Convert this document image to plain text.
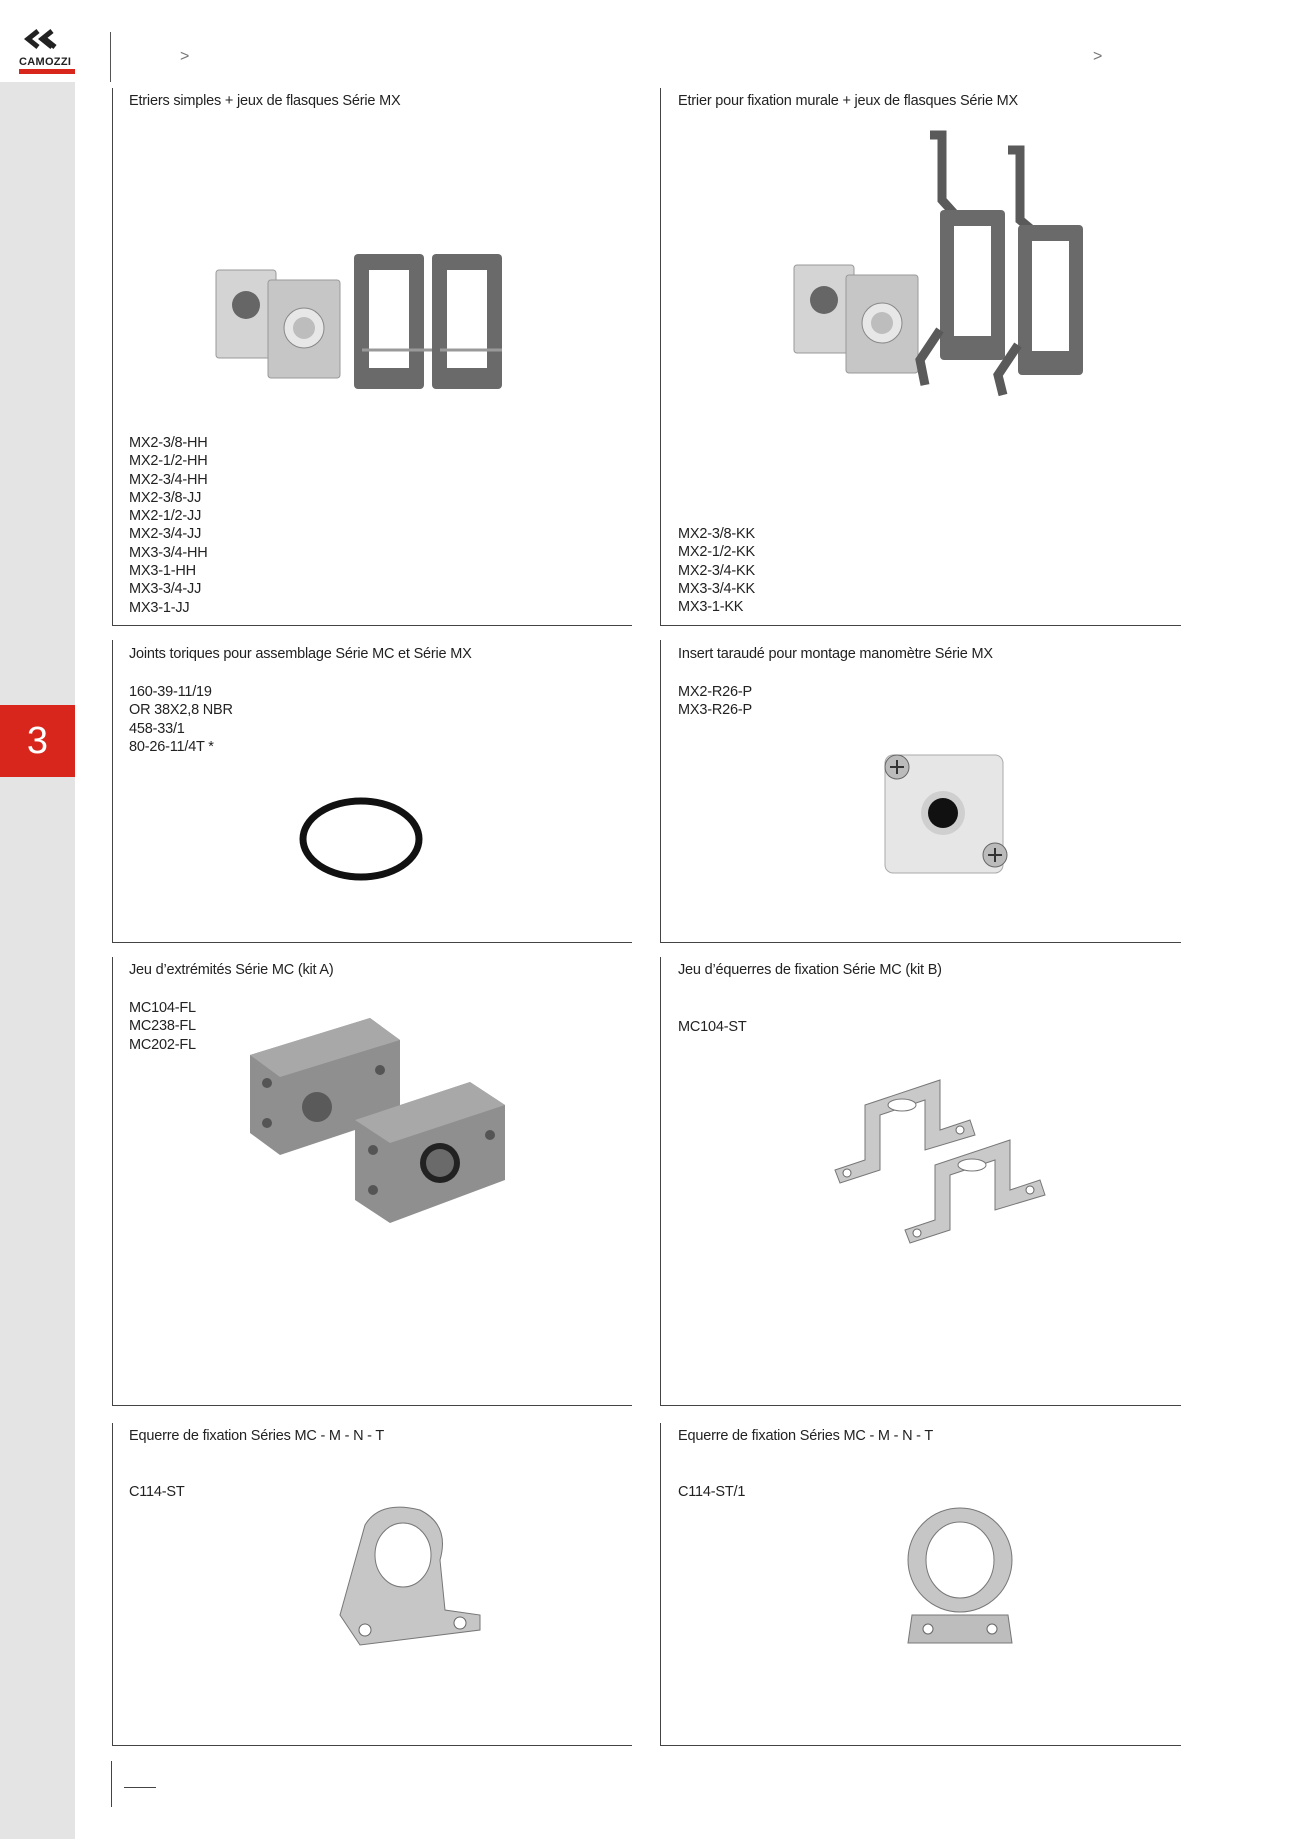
3
CAMOZZI	>	>
Etriers simples + jeux de flasques Série MX
MX2-3/8-HH
MX2-1/2-HH
MX2-3/4-HH
MX2-3/8-JJ
MX2-1/2-JJ
MX2-3/4-JJ
MX3-3/4-HH
MX3-1-HH
MX3-3/4-JJ
MX3-1-JJ
Etrier pour fixation murale + jeux de flasques Série MX
MX2-3/8-KK
MX2-1/2-KK
MX2-3/4-KK
MX3-3/4-KK
MX3-1-KK
Joints toriques pour assemblage Série MC et Série MX
160-39-11/19
OR 38X2,8 NBR
458-33/1
80-26-11/4T *
Insert taraudé pour montage manomètre Série MX
MX2-R26-P
MX3-R26-P
Jeu d’extrémités Série MC (kit A)
MC104-FL
MC238-FL
MC202-FL
Jeu d’équerres de fixation Série MC (kit B)
MC104-ST
Equerre de fixation Séries MC - M - N - T
C114-ST
Equerre de fixation Séries MC - M - N - T
C114-ST/1
